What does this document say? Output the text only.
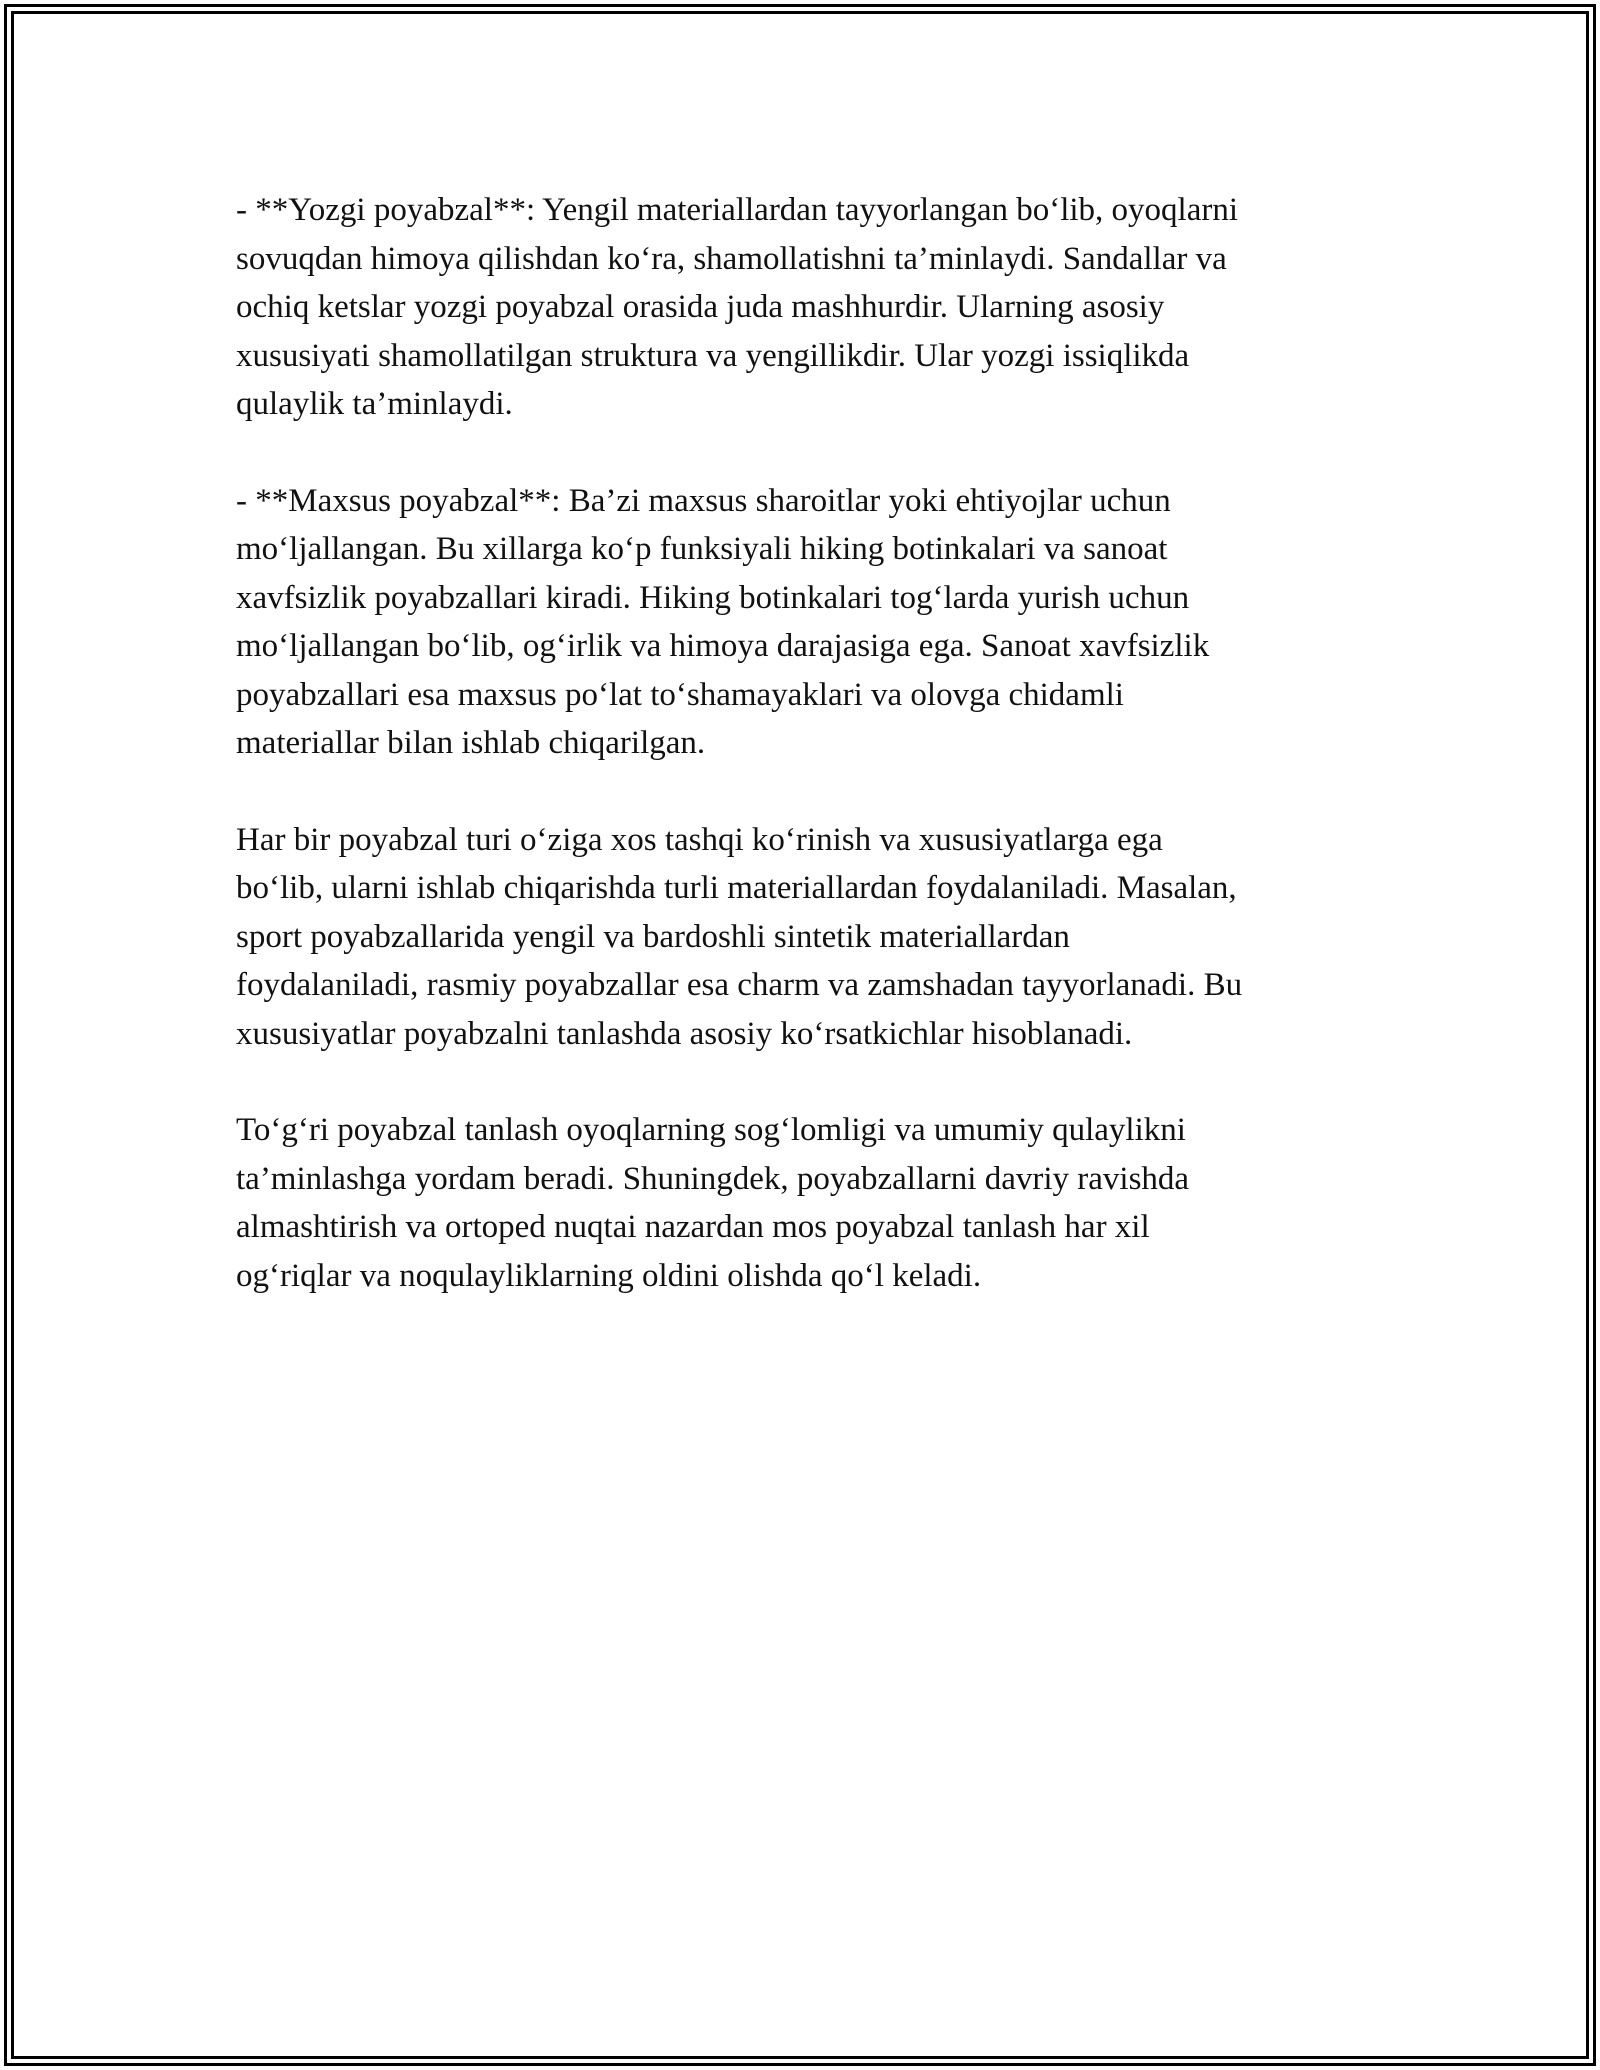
- **Yozgi poyabzal**: Yengil materiallardan tayyorlangan bo‘lib, oyoqlarni
sovuqdan himoya qilishdan ko‘ra, shamollatishni ta’minlaydi. Sandallar va
ochiq ketslar yozgi poyabzal orasida juda mashhurdir. Ularning asosiy
xususiyati shamollatilgan struktura va yengillikdir. Ular yozgi issiqlikda
qulaylik ta’minlaydi.

- **Maxsus poyabzal**: Ba’zi maxsus sharoitlar yoki ehtiyojlar uchun
mo‘ljallangan. Bu xillarga ko‘p funksiyali hiking botinkalari va sanoat
xavfsizlik poyabzallari kiradi. Hiking botinkalari tog‘larda yurish uchun
mo‘ljallangan bo‘lib, og‘irlik va himoya darajasiga ega. Sanoat xavfsizlik
poyabzallari esa maxsus po‘lat to‘shamayaklari va olovga chidamli
materiallar bilan ishlab chiqarilgan.

Har bir poyabzal turi o‘ziga xos tashqi ko‘rinish va xususiyatlarga ega
bo‘lib, ularni ishlab chiqarishda turli materiallardan foydalaniladi. Masalan,
sport poyabzallarida yengil va bardoshli sintetik materiallardan
foydalaniladi, rasmiy poyabzallar esa charm va zamshadan tayyorlanadi. Bu
xususiyatlar poyabzalni tanlashda asosiy ko‘rsatkichlar hisoblanadi.

To‘g‘ri poyabzal tanlash oyoqlarning sog‘lomligi va umumiy qulaylikni
ta’minlashga yordam beradi. Shuningdek, poyabzallarni davriy ravishda
almashtirish va ortoped nuqtai nazardan mos poyabzal tanlash har xil
og‘riqlar va noqulayliklarning oldini olishda qo‘l keladi.
